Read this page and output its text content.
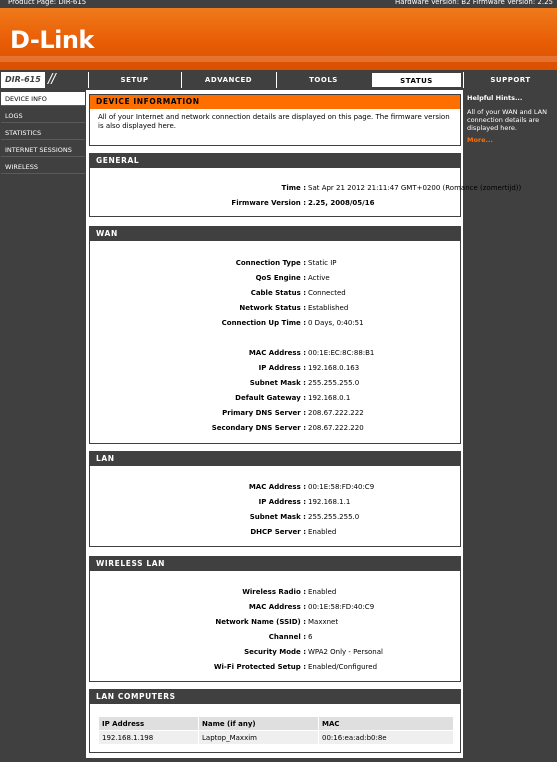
Product Page: DIR-615	Hardware Version: B2 Firmware Version: 2.25
D-Link
DIR-615 //	SETUP	ADVANCED	TOOLS	STATUS	SUPPORT
DEVICE INFO
LOGS
STATISTICS
INTERNET SESSIONS
WIRELESS
Helpful Hints...
All of your WAN and LAN connection details are displayed here.
More...
DEVICE INFORMATION
All of your Internet and network connection details are displayed on this page. The firmware version is also displayed here.
GENERAL
Time : Sat Apr 21 2012 21:11:47 GMT+0200 (Romance (zomertijd))
Firmware Version : 2.25, 2008/05/16
WAN
Connection Type : Static IP
QoS Engine : Active
Cable Status : Connected
Network Status : Established
Connection Up Time : 0 Days, 0:40:51
MAC Address : 00:1E:EC:8C:88:B1
IP Address : 192.168.0.163
Subnet Mask : 255.255.255.0
Default Gateway : 192.168.0.1
Primary DNS Server : 208.67.222.222
Secondary DNS Server : 208.67.222.220
LAN
MAC Address : 00:1E:58:FD:40:C9
IP Address : 192.168.1.1
Subnet Mask : 255.255.255.0
DHCP Server : Enabled
WIRELESS LAN
Wireless Radio : Enabled
MAC Address : 00:1E:58:FD:40:C9
Network Name (SSID) : Maxxnet
Channel : 6
Security Mode : WPA2 Only - Personal
Wi-Fi Protected Setup : Enabled/Configured
LAN COMPUTERS
IP Address	Name (if any)	MAC
192.168.1.198	Laptop_Maxxim	00:16:ea:ad:b0:8e
